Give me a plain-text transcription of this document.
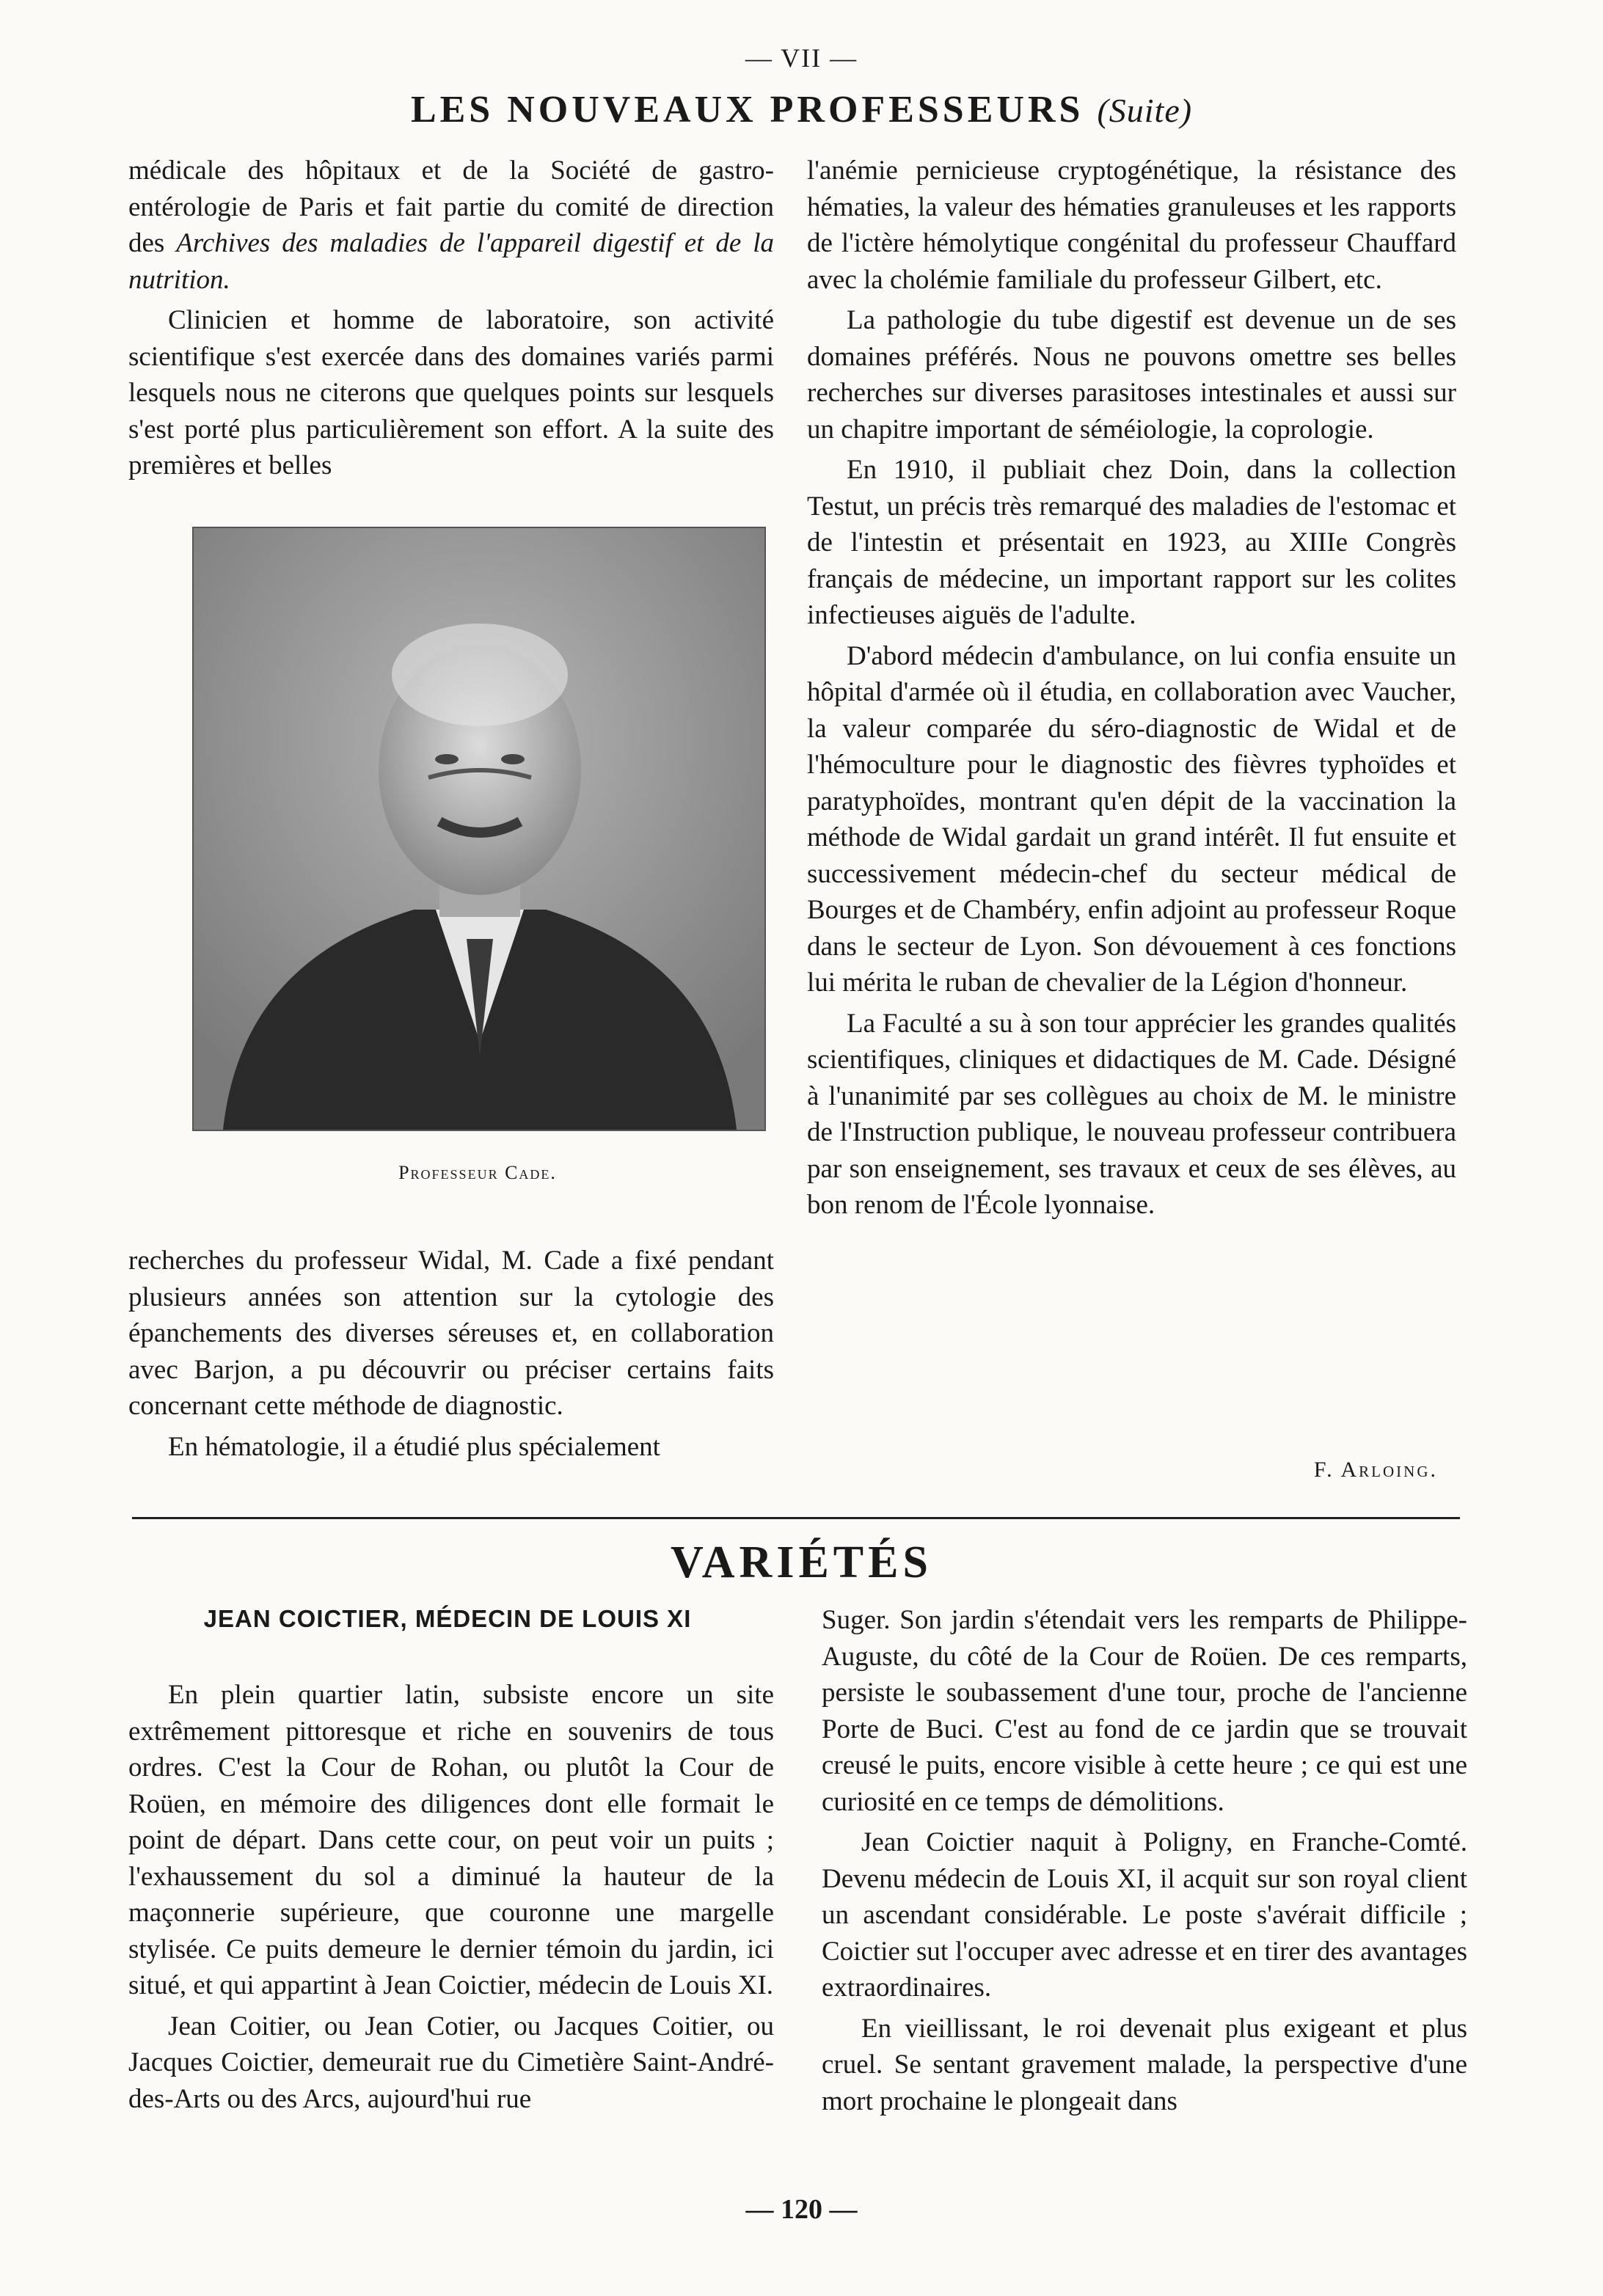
— VII —
LES NOUVEAUX PROFESSEURS (Suite)

médicale des hôpitaux et de la Société de gastro-entérologie de Paris et fait partie du comité de direction des Archives des maladies de l'appareil digestif et de la nutrition.

Clinicien et homme de laboratoire, son activité scientifique s'est exercée dans des domaines variés parmi lesquels nous ne citerons que quelques points sur lesquels s'est porté plus particulièrement son effort. A la suite des premières et belles

Professeur Cade.

recherches du professeur Widal, M. Cade a fixé pendant plusieurs années son attention sur la cytologie des épanchements des diverses séreuses et, en collaboration avec Barjon, a pu découvrir ou préciser certains faits concernant cette méthode de diagnostic.

En hématologie, il a étudié plus spécialement

l'anémie pernicieuse cryptogénétique, la résistance des hématies, la valeur des hématies granuleuses et les rapports de l'ictère hémolytique congénital du professeur Chauffard avec la cholémie familiale du professeur Gilbert, etc.

La pathologie du tube digestif est devenue un de ses domaines préférés. Nous ne pouvons omettre ses belles recherches sur diverses parasitoses intestinales et aussi sur un chapitre important de séméiologie, la coprologie.

En 1910, il publiait chez Doin, dans la collection Testut, un précis très remarqué des maladies de l'estomac et de l'intestin et présentait en 1923, au XIIIe Congrès français de médecine, un important rapport sur les colites infectieuses aiguës de l'adulte.

D'abord médecin d'ambulance, on lui confia ensuite un hôpital d'armée où il étudia, en collaboration avec Vaucher, la valeur comparée du séro-diagnostic de Widal et de l'hémoculture pour le diagnostic des fièvres typhoïdes et paratyphoïdes, montrant qu'en dépit de la vaccination la méthode de Widal gardait un grand intérêt. Il fut ensuite et successivement médecin-chef du secteur médical de Bourges et de Chambéry, enfin adjoint au professeur Roque dans le secteur de Lyon. Son dévouement à ces fonctions lui mérita le ruban de chevalier de la Légion d'honneur.

La Faculté a su à son tour apprécier les grandes qualités scientifiques, cliniques et didactiques de M. Cade. Désigné à l'unanimité par ses collègues au choix de M. le ministre de l'Instruction publique, le nouveau professeur contribuera par son enseignement, ses travaux et ceux de ses élèves, au bon renom de l'École lyonnaise.

F. Arloing.
VARIÉTÉS
JEAN COICTIER, MÉDECIN DE LOUIS XI

En plein quartier latin, subsiste encore un site extrêmement pittoresque et riche en souvenirs de tous ordres. C'est la Cour de Rohan, ou plutôt la Cour de Roüen, en mémoire des diligences dont elle formait le point de départ. Dans cette cour, on peut voir un puits ; l'exhaussement du sol a diminué la hauteur de la maçonnerie supérieure, que couronne une margelle stylisée. Ce puits demeure le dernier témoin du jardin, ici situé, et qui appartint à Jean Coictier, médecin de Louis XI.

Jean Coitier, ou Jean Cotier, ou Jacques Coitier, ou Jacques Coictier, demeurait rue du Cimetière Saint-André-des-Arts ou des Arcs, aujourd'hui rue

Suger. Son jardin s'étendait vers les remparts de Philippe-Auguste, du côté de la Cour de Roüen. De ces remparts, persiste le soubassement d'une tour, proche de l'ancienne Porte de Buci. C'est au fond de ce jardin que se trouvait creusé le puits, encore visible à cette heure ; ce qui est une curiosité en ce temps de démolitions.

Jean Coictier naquit à Poligny, en Franche-Comté. Devenu médecin de Louis XI, il acquit sur son royal client un ascendant considérable. Le poste s'avérait difficile ; Coictier sut l'occuper avec adresse et en tirer des avantages extraordinaires.

En vieillissant, le roi devenait plus exigeant et plus cruel. Se sentant gravement malade, la perspective d'une mort prochaine le plongeait dans

— 120 —
